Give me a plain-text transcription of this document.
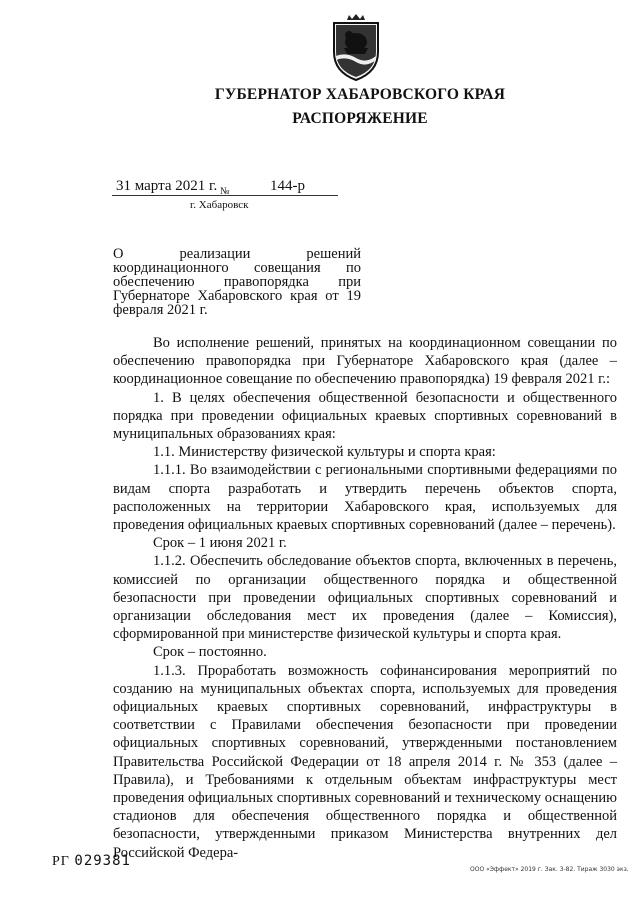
ГУБЕРНАТОР ХАБАРОВСКОГО КРАЯ
РАСПОРЯЖЕНИЕ
31 марта 2021 г. №	144-р
г. Хабаровск
О реализации решений координационного совещания по обеспечению правопорядка при Губернаторе Хабаровского края от 19 февраля 2021 г.

Во исполнение решений, принятых на координационном совещании по обеспечению правопорядка при Губернаторе Хабаровского края (далее – координационное совещание по обеспечению правопорядка) 19 февраля 2021 г.:

1. В целях обеспечения общественной безопасности и общественного порядка при проведении официальных краевых спортивных соревнований в муниципальных образованиях края:

1.1. Министерству физической культуры и спорта края:

1.1.1. Во взаимодействии с региональными спортивными федерациями по видам спорта разработать и утвердить перечень объектов спорта, расположенных на территории Хабаровского края, используемых для проведения официальных краевых спортивных соревнований (далее – перечень).

Срок – 1 июня 2021 г.

1.1.2. Обеспечить обследование объектов спорта, включенных в перечень, комиссией по организации общественного порядка и общественной безопасности при проведении официальных спортивных соревнований и организации обследования мест их проведения (далее – Комиссия), сформированной при министерстве физической культуры и спорта края.

Срок – постоянно.

1.1.3. Проработать возможность софинансирования мероприятий по созданию на муниципальных объектах спорта, используемых для проведения официальных краевых спортивных соревнований, инфраструктуры в соответствии с Правилами обеспечения безопасности при проведении официальных спортивных соревнований, утвержденными постановлением Правительства Российской Федерации от 18 апреля 2014 г. № 353 (далее – Правила), и Требованиями к отдельным объектам инфраструктуры мест проведения официальных спортивных соревнований и техническому оснащению стадионов для обеспечения общественного порядка и общественной безопасности, утвержденными приказом Министерства внутренних дел Российской Федера-

РГ 029381
ООО «Эффект» 2019 г. Зак. 3-82. Тираж 3030 экз.
